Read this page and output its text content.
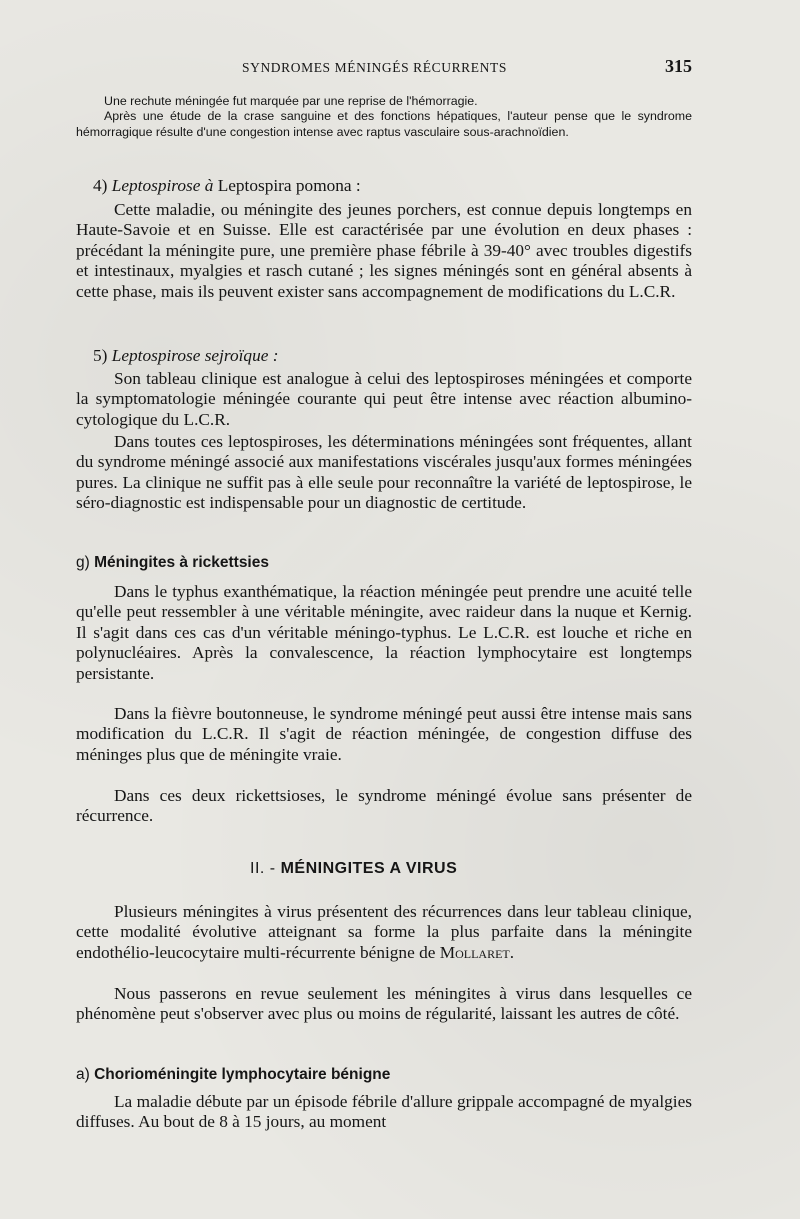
SYNDROMES MÉNINGÉS RÉCURRENTS	315
Une rechute méningée fut marquée par une reprise de l'hémorragie.
Après une étude de la crase sanguine et des fonctions hépatiques, l'auteur pense que le syndrome hémorragique résulte d'une congestion intense avec raptus vasculaire sous-arachnoïdien.
4) Leptospirose à Leptospira pomona :

Cette maladie, ou méningite des jeunes porchers, est connue depuis longtemps en Haute-Savoie et en Suisse. Elle est caractérisée par une évolution en deux phases : précédant la méningite pure, une première phase fébrile à 39-40° avec troubles digestifs et intestinaux, myalgies et rasch cutané ; les signes méningés sont en général absents à cette phase, mais ils peuvent exister sans accompagnement de modifications du L.C.R.

5) Leptospirose sejroïque :

Son tableau clinique est analogue à celui des leptospiroses méningées et comporte la symptomatologie méningée courante qui peut être intense avec réaction albumino-cytologique du L.C.R.

Dans toutes ces leptospiroses, les déterminations méningées sont fréquentes, allant du syndrome méningé associé aux manifestations viscérales jusqu'aux formes méningées pures. La clinique ne suffit pas à elle seule pour reconnaître la variété de leptospirose, le séro-diagnostic est indispensable pour un diagnostic de certitude.

g) Méningites à rickettsies

Dans le typhus exanthématique, la réaction méningée peut prendre une acuité telle qu'elle peut ressembler à une véritable méningite, avec raideur dans la nuque et Kernig. Il s'agit dans ces cas d'un véritable méningo-typhus. Le L.C.R. est louche et riche en polynucléaires. Après la convalescence, la réaction lymphocytaire est longtemps persistante.

Dans la fièvre boutonneuse, le syndrome méningé peut aussi être intense mais sans modification du L.C.R. Il s'agit de réaction méningée, de congestion diffuse des méninges plus que de méningite vraie.

Dans ces deux rickettsioses, le syndrome méningé évolue sans présenter de récurrence.

II. - MÉNINGITES A VIRUS

Plusieurs méningites à virus présentent des récurrences dans leur tableau clinique, cette modalité évolutive atteignant sa forme la plus parfaite dans la méningite endothélio-leucocytaire multi-récurrente bénigne de Mollaret.

Nous passerons en revue seulement les méningites à virus dans lesquelles ce phénomène peut s'observer avec plus ou moins de régularité, laissant les autres de côté.

a) Chorioméningite lymphocytaire bénigne

La maladie débute par un épisode fébrile d'allure grippale accompagné de myalgies diffuses. Au bout de 8 à 15 jours, au moment
